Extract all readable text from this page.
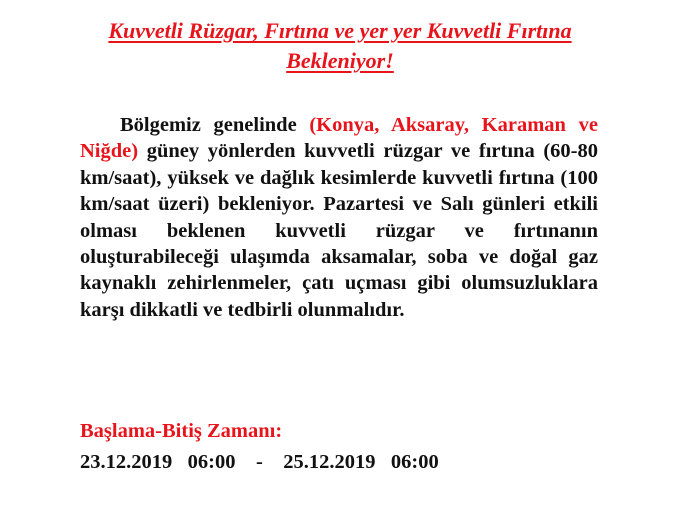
Kuvvetli Rüzgar, Fırtına ve yer yer Kuvvetli Fırtına
Bekleniyor!

Bölgemiz genelinde (Konya, Aksaray, Karaman ve Niğde) güney yönlerden kuvvetli rüzgar ve fırtına (60-80 km/saat), yüksek ve dağlık kesimlerde kuvvetli fırtına (100 km/saat üzeri) bekleniyor. Pazartesi ve Salı günleri etkili olması beklenen kuvvetli rüzgar ve fırtınanın oluşturabileceği ulaşımda aksamalar, soba ve doğal gaz kaynaklı zehirlenmeler, çatı uçması gibi olumsuzluklara karşı dikkatli ve tedbirli olunmalıdır.

Başlama-Bitiş Zamanı:
23.12.2019   06:00 - 25.12.2019   06:00
